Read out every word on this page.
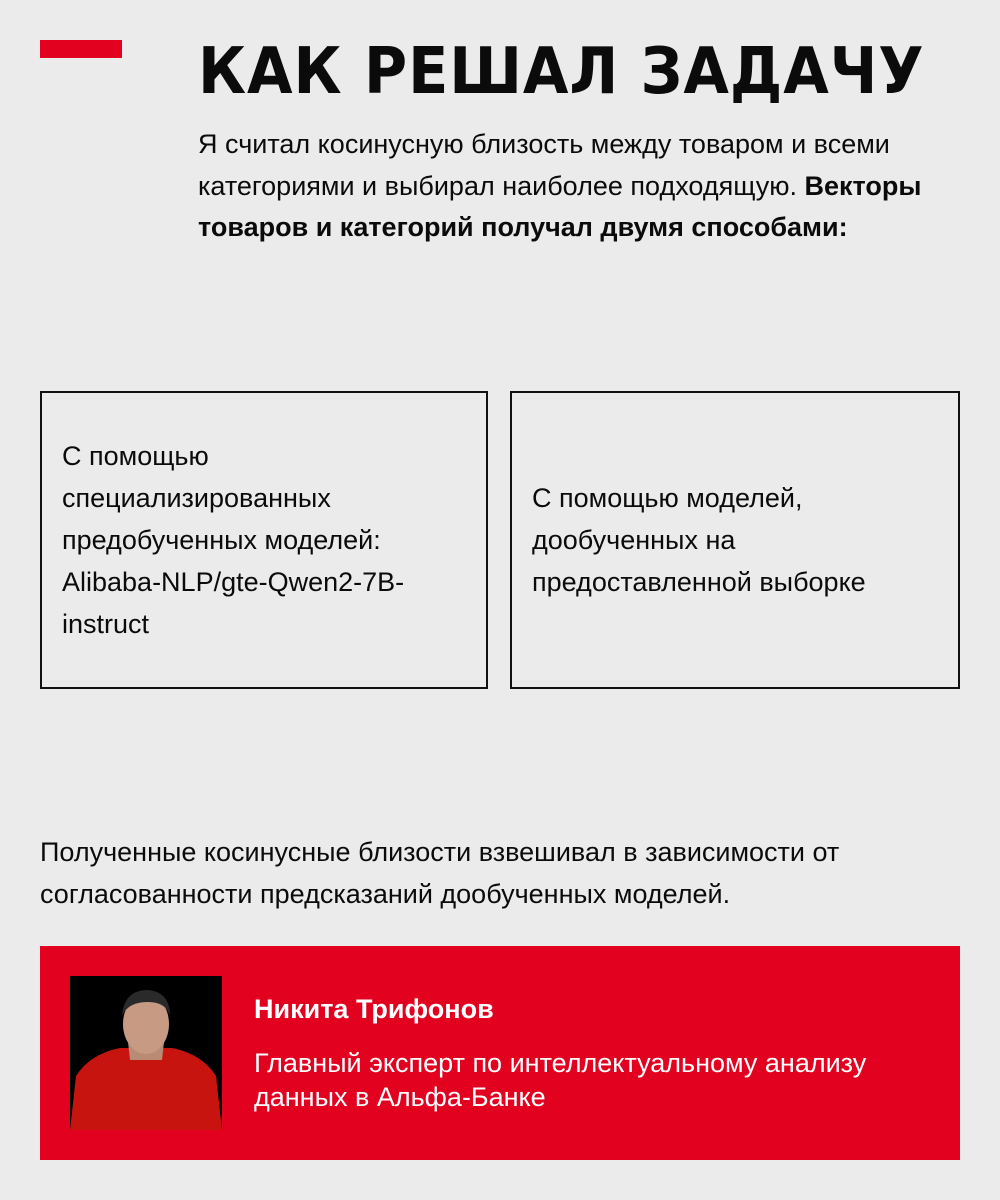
КАК РЕШАЛ ЗАДАЧУ

Я считал косинусную близость между товаром и всеми категориями и выбирал наиболее подходящую. Векторы товаров и категорий получал двумя способами:

С помощью специализированных предобученных моделей: Alibaba-NLP/gte-Qwen2-7B-instruct

С помощью моделей, дообученных на предоставленной выборке

Полученные косинусные близости взвешивал в зависимости от согласованности предсказаний дообученных моделей.

Никита Трифонов

Главный эксперт по интеллектуальному анализу данных в Альфа-Банке
